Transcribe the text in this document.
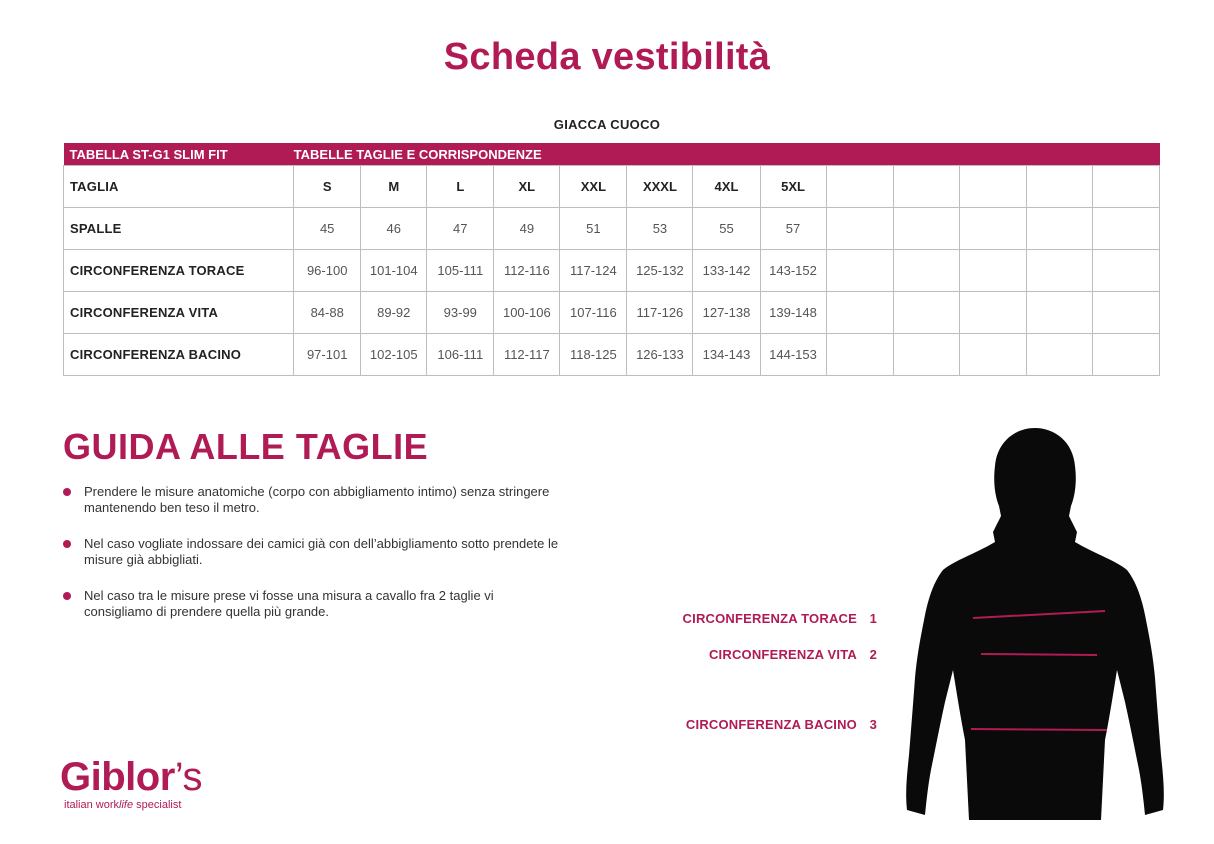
Scheda vestibilità
GIACCA CUOCO
TABELLA ST-G1 SLIM FIT	TABELLE TAGLIE E CORRISPONDENZE												
TAGLIA	S	M	L	XL	XXL	XXXL	4XL	5XL					
SPALLE	45	46	47	49	51	53	55	57					
CIRCONFERENZA TORACE	96-100	101-104	105-111	112-116	117-124	125-132	133-142	143-152					
CIRCONFERENZA VITA	84-88	89-92	93-99	100-106	107-116	117-126	127-138	139-148					
CIRCONFERENZA BACINO	97-101	102-105	106-111	112-117	118-125	126-133	134-143	144-153					
GUIDA ALLE TAGLIE
Prendere le misure anatomiche (corpo con abbigliamento intimo) senza stringere mantenendo ben teso il metro.
Nel caso vogliate indossare dei camici già con dell’abbigliamento sotto prendete le misure già abbigliati.
Nel caso tra le misure prese vi fosse una misura a cavallo fra 2 taglie vi consigliamo di prendere quella più grande.	CIRCONFERENZA TORACE 1
CIRCONFERENZA VITA 2
CIRCONFERENZA BACINO 3
Giblor’s
italian worklife specialist
